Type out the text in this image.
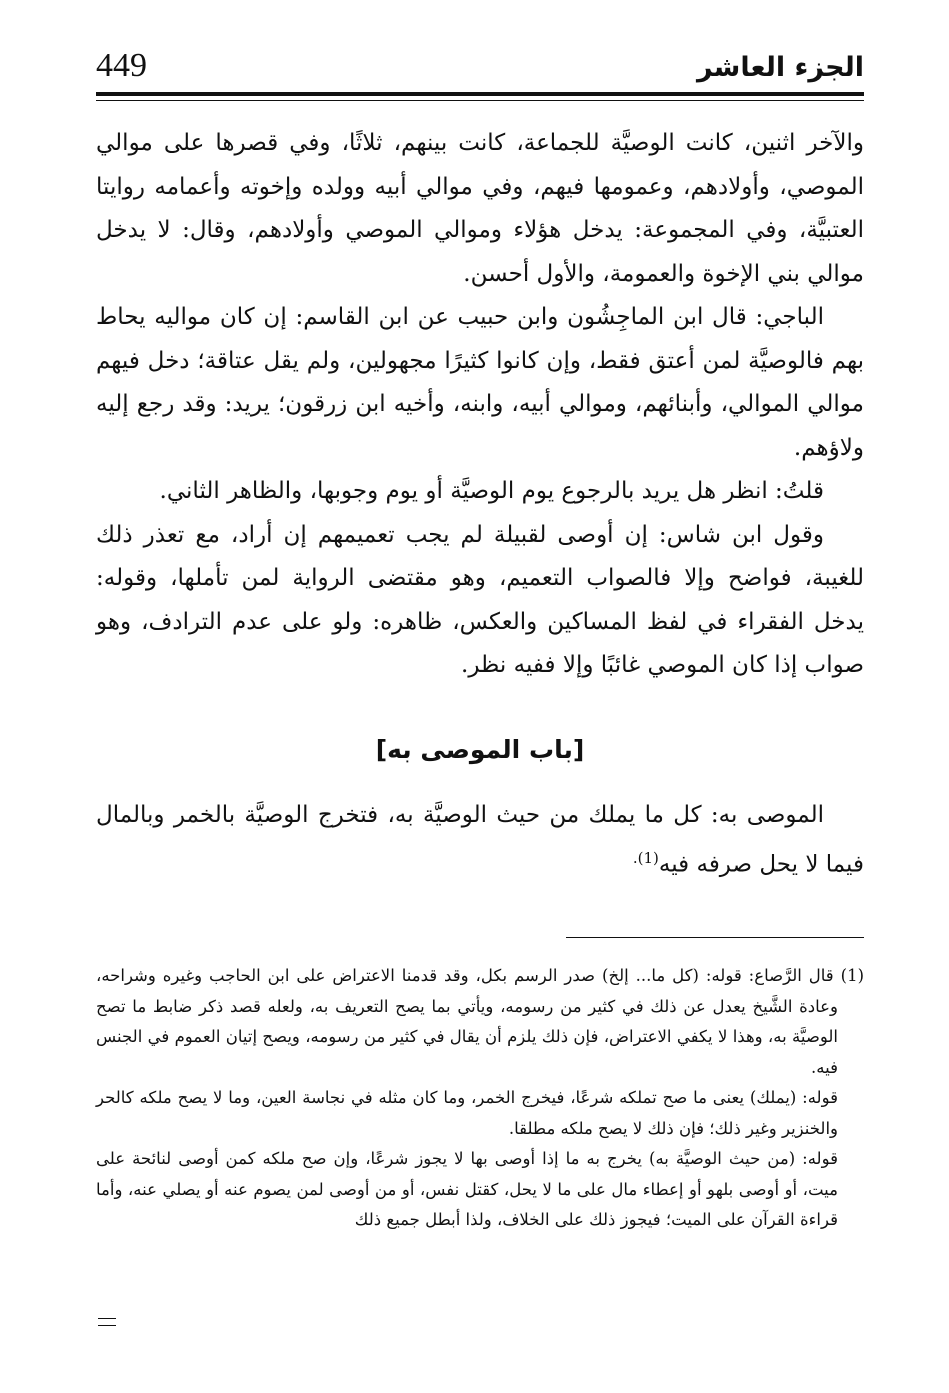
الجزء العاشر
449

والآخر اثنين، كانت الوصيَّة للجماعة، كانت بينهم، ثلاثًا، وفي قصرها على موالي الموصي، وأولادهم، وعمومها فيهم، وفي موالي أبيه وولده وإخوته وأعمامه روايتا العتبيَّة، وفي المجموعة: يدخل هؤلاء وموالي الموصي وأولادهم، وقال: لا يدخل موالي بني الإخوة والعمومة، والأول أحسن.

الباجي: قال ابن الماجِشُون وابن حبيب عن ابن القاسم: إن كان مواليه يحاط بهم فالوصيَّة لمن أعتق فقط، وإن كانوا كثيرًا مجهولين، ولم يقل عتاقة؛ دخل فيهم موالي الموالي، وأبنائهم، وموالي أبيه، وابنه، وأخيه ابن زرقون؛ يريد: وقد رجع إليه ولاؤهم.

قلتُ: انظر هل يريد بالرجوع يوم الوصيَّة أو يوم وجوبها، والظاهر الثاني.

وقول ابن شاس: إن أوصى لقبيلة لم يجب تعميمهم إن أراد، مع تعذر ذلك للغيبة، فواضح وإلا فالصواب التعميم، وهو مقتضى الرواية لمن تأملها، وقوله: يدخل الفقراء في لفظ المساكين والعكس، ظاهره: ولو على عدم الترادف، وهو صواب إذا كان الموصي غائبًا وإلا ففيه نظر.

[باب الموصى به]

الموصى به: كل ما يملك من حيث الوصيَّة به، فتخرج الوصيَّة بالخمر وبالمال فيما لا يحل صرفه فيه$^{(1).}$

(1) قال الرَّصاع: قوله: (كل ما... إلخ) صدر الرسم بكل، وقد قدمنا الاعتراض على ابن الحاجب وغيره وشراحه، وعادة الشَّيخ يعدل عن ذلك في كثير من رسومه، ويأتي بما يصح التعريف به، ولعله قصد ذكر ضابط ما تصح الوصيَّة به، وهذا لا يكفي الاعتراض، فإن ذلك يلزم أن يقال في كثير من رسومه، ويصح إتيان العموم في الجنس فيه.

قوله: (يملك) يعنى ما صح تملكه شرعًا، فيخرج الخمر، وما كان مثله في نجاسة العين، وما لا يصح ملكه كالحر والخنزير وغير ذلك؛ فإن ذلك لا يصح ملكه مطلقا.

قوله: (من حيث الوصيَّة به) يخرج به ما إذا أوصى بها لا يجوز شرعًا، وإن صح ملكه كمن أوصى لنائحة على ميت، أو أوصى بلهو أو إعطاء مال على ما لا يحل، كقتل نفس، أو من أوصى لمن يصوم عنه أو يصلي عنه، وأما قراءة القرآن على الميت؛ فيجوز ذلك على الخلاف، ولذا أبطل جميع ذلك
